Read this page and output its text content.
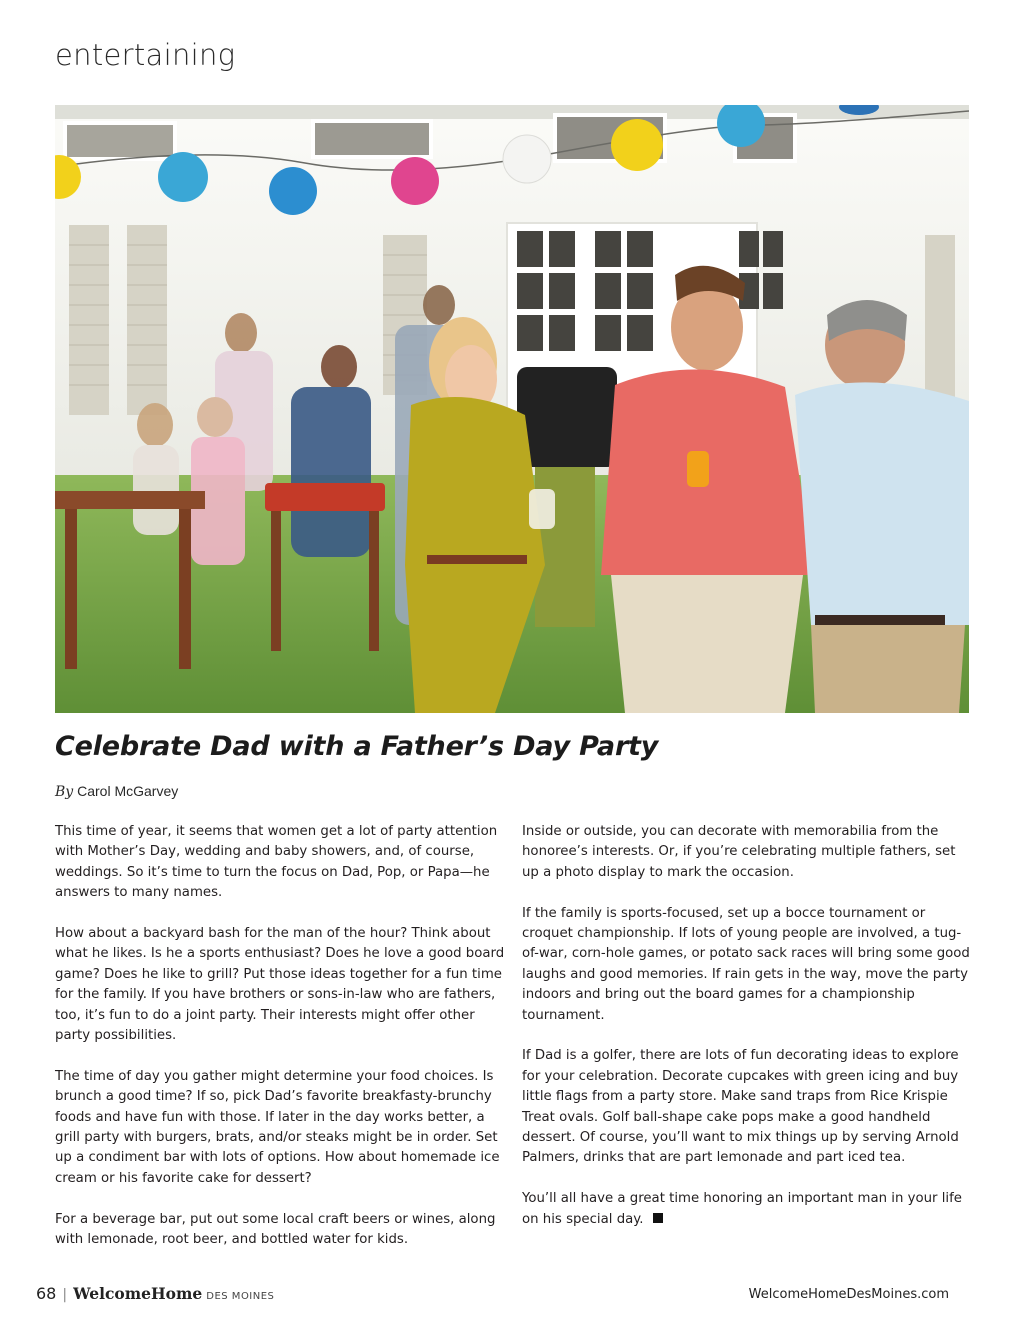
entertaining
Celebrate Dad with a Father’s Day Party
By Carol McGarvey

This time of year, it seems that women get a lot of party attention with Mother’s Day, wedding and baby showers, and, of course, weddings. So it’s time to turn the focus on Dad, Pop, or Papa—he answers to many names.

How about a backyard bash for the man of the hour? Think about what he likes. Is he a sports enthusiast? Does he love a good board game? Does he like to grill? Put those ideas together for a fun time for the family. If you have brothers or sons-in-law who are fathers, too, it’s fun to do a joint party. Their interests might offer other party possibilities.

The time of day you gather might determine your food choices. Is brunch a good time? If so, pick Dad’s favorite breakfasty-brunchy foods and have fun with those. If later in the day works better, a grill party with burgers, brats, and/or steaks might be in order. Set up a condiment bar with lots of options. How about homemade ice cream or his favorite cake for dessert?

For a beverage bar, put out some local craft beers or wines, along with lemonade, root beer, and bottled water for kids.

Inside or outside, you can decorate with memorabilia from the honoree’s interests. Or, if you’re celebrating multiple fathers, set up a photo display to mark the occasion.

If the family is sports-focused, set up a bocce tournament or croquet championship. If lots of young people are involved, a tug-of-war, corn-hole games, or potato sack races will bring some good laughs and good memories. If rain gets in the way, move the party indoors and bring out the board games for a championship tournament.

If Dad is a golfer, there are lots of fun decorating ideas to explore for your celebration. Decorate cupcakes with green icing and buy little flags from a party store. Make sand traps from Rice Krispie Treat ovals. Golf ball-shape cake pops make a good handheld dessert. Of course, you’ll want to mix things up by serving Arnold Palmers, drinks that are part lemonade and part iced tea.

You’ll all have a great time honoring an important man in your life on his special day.

68 | WelcomeHome DES MOINES	WelcomeHomeDesMoines.com
